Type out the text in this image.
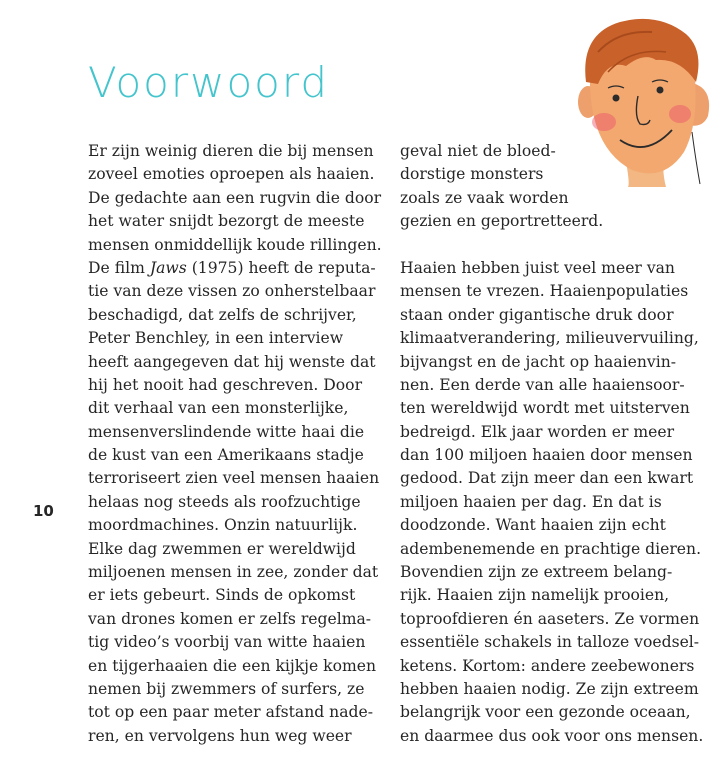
Voorwoord
Er zijn weinig dieren die bij mensen
zoveel emoties oproepen als haaien.
De gedachte aan een rugvin die door
het water snijdt bezorgt de meeste
mensen onmiddellijk koude rillingen.
De film Jaws (1975) heeft de reputa-
tie van deze vissen zo onherstelbaar
beschadigd, dat zelfs de schrijver,
Peter Benchley, in een interview
heeft aangegeven dat hij wenste dat
hij het nooit had geschreven. Door
dit verhaal van een monsterlijke,
mensenverslindende witte haai die
de kust van een Amerikaans stadje
terroriseert zien veel mensen haaien
helaas nog steeds als roofzuchtige
moordmachines. Onzin natuurlijk.
Elke dag zwemmen er wereldwijd
miljoenen mensen in zee, zonder dat
er iets gebeurt. Sinds de opkomst
van drones komen er zelfs regelma-
tig video’s voorbij van witte haaien
en tijgerhaaien die een kijkje komen
nemen bij zwemmers of surfers, ze
tot op een paar meter afstand nade-
ren, en vervolgens hun weg weer
geval niet de bloed-
dorstige monsters
zoals ze vaak worden
gezien en geportretteerd.
Haaien hebben juist veel meer van
mensen te vrezen. Haaienpopulaties
staan onder gigantische druk door
klimaatverandering, milieuvervuiling,
bijvangst en de jacht op haaienvin-
nen. Een derde van alle haaiensoor-
ten wereldwijd wordt met uitsterven
bedreigd. Elk jaar worden er meer
dan 100 miljoen haaien door mensen
gedood. Dat zijn meer dan een kwart
miljoen haaien per dag. En dat is
doodzonde. Want haaien zijn echt
adembenemende en prachtige dieren.
Bovendien zijn ze extreem belang-
rijk. Haaien zijn namelijk prooien,
toproofdieren én aaseters. Ze vormen
essentiële schakels in talloze voedsel-
ketens. Kortom: andere zeebewoners
hebben haaien nodig. Ze zijn extreem
belangrijk voor een gezonde oceaan,
en daarmee dus ook voor ons mensen.
10
